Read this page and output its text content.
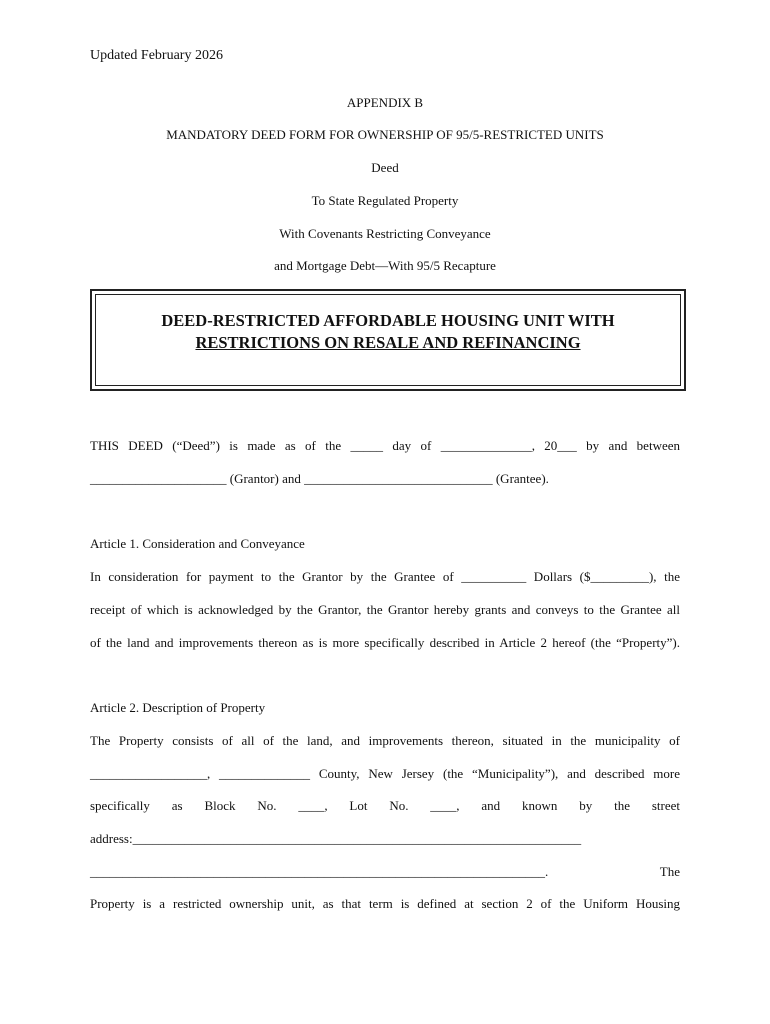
Updated February 2026
APPENDIX B
MANDATORY DEED FORM FOR OWNERSHIP OF 95/5-RESTRICTED UNITS
Deed
To State Regulated Property
With Covenants Restricting Conveyance
and Mortgage Debt—With 95/5 Recapture
DEED-RESTRICTED AFFORDABLE HOUSING UNIT WITH
RESTRICTIONS ON RESALE AND REFINANCING
THIS DEED (“Deed”) is made as of the _____ day of ______________, 20___ by and between
_____________________ (Grantor) and _____________________________ (Grantee).
Article 1. Consideration and Conveyance
In consideration for payment to the Grantor by the Grantee of __________ Dollars ($_________), the
receipt of which is acknowledged by the Grantor, the Grantor hereby grants and conveys to the Grantee all
of the land and improvements thereon as is more specifically described in Article 2 hereof (the “Property”).
Article 2. Description of Property
The Property consists of all of the land, and improvements thereon, situated in the municipality of
__________________, ______________ County, New Jersey (the “Municipality”), and described more
specifically as Block No. ____, Lot No. ____, and known by the street
address:_____________________________________________________________________
______________________________________________________________________. The
Property is a restricted ownership unit, as that term is defined at section 2 of the Uniform Housing
